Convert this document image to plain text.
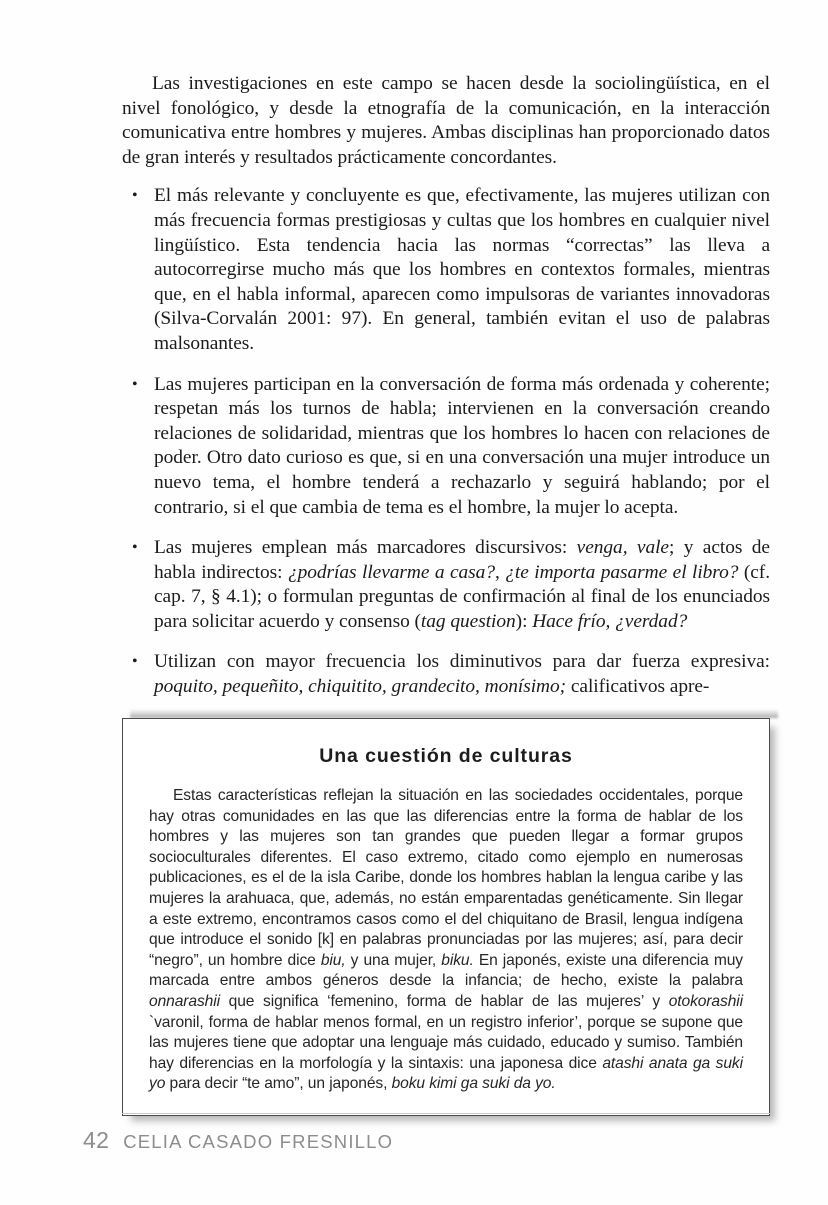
Las investigaciones en este campo se hacen desde la sociolingüística, en el nivel fonológico, y desde la etnografía de la comunicación, en la interacción comunicativa entre hombres y mujeres. Ambas disciplinas han proporcionado datos de gran interés y resultados prácticamente concordantes.

• El más relevante y concluyente es que, efectivamente, las mujeres utilizan con más frecuencia formas prestigiosas y cultas que los hombres en cualquier nivel lingüístico. Esta tendencia hacia las normas “correctas” las lleva a autocorregirse mucho más que los hombres en contextos formales, mientras que, en el habla informal, aparecen como impulsoras de variantes innovadoras (Silva-Corvalán 2001: 97). En general, también evitan el uso de palabras malsonantes.
• Las mujeres participan en la conversación de forma más ordenada y coherente; respetan más los turnos de habla; intervienen en la conversación creando relaciones de solidaridad, mientras que los hombres lo hacen con relaciones de poder. Otro dato curioso es que, si en una conversación una mujer introduce un nuevo tema, el hombre tenderá a rechazarlo y seguirá hablando; por el contrario, si el que cambia de tema es el hombre, la mujer lo acepta.
• Las mujeres emplean más marcadores discursivos: venga, vale; y actos de habla indirectos: ¿podrías llevarme a casa?, ¿te importa pasarme el libro? (cf. cap. 7, § 4.1); o formulan preguntas de confirmación al final de los enunciados para solicitar acuerdo y consenso (tag question): Hace frío, ¿verdad?
• Utilizan con mayor frecuencia los diminutivos para dar fuerza expresiva: poquito, pequeñito, chiquitito, grandecito, monísimo; calificativos apre-
Una cuestión de culturas

Estas características reflejan la situación en las sociedades occidentales, porque hay otras comunidades en las que las diferencias entre la forma de hablar de los hombres y las mujeres son tan grandes que pueden llegar a formar grupos socioculturales diferentes. El caso extremo, citado como ejemplo en numerosas publicaciones, es el de la isla Caribe, donde los hombres hablan la lengua caribe y las mujeres la arahuaca, que, además, no están emparentadas genéticamente. Sin llegar a este extremo, encontramos casos como el del chiquitano de Brasil, lengua indígena que introduce el sonido [k] en palabras pronunciadas por las mujeres; así, para decir “negro”, un hombre dice biu, y una mujer, biku. En japonés, existe una diferencia muy marcada entre ambos géneros desde la infancia; de hecho, existe la palabra onnarashii que significa ‘femenino, forma de hablar de las mujeres’ y otokorashii `varonil, forma de hablar menos formal, en un registro inferior’, porque se supone que las mujeres tiene que adoptar una lenguaje más cuidado, educado y sumiso. También hay diferencias en la morfología y la sintaxis: una japonesa dice atashi anata ga suki yo para decir “te amo”, un japonés, boku kimi ga suki da yo.

42 CELIA CASADO FRESNILLO
